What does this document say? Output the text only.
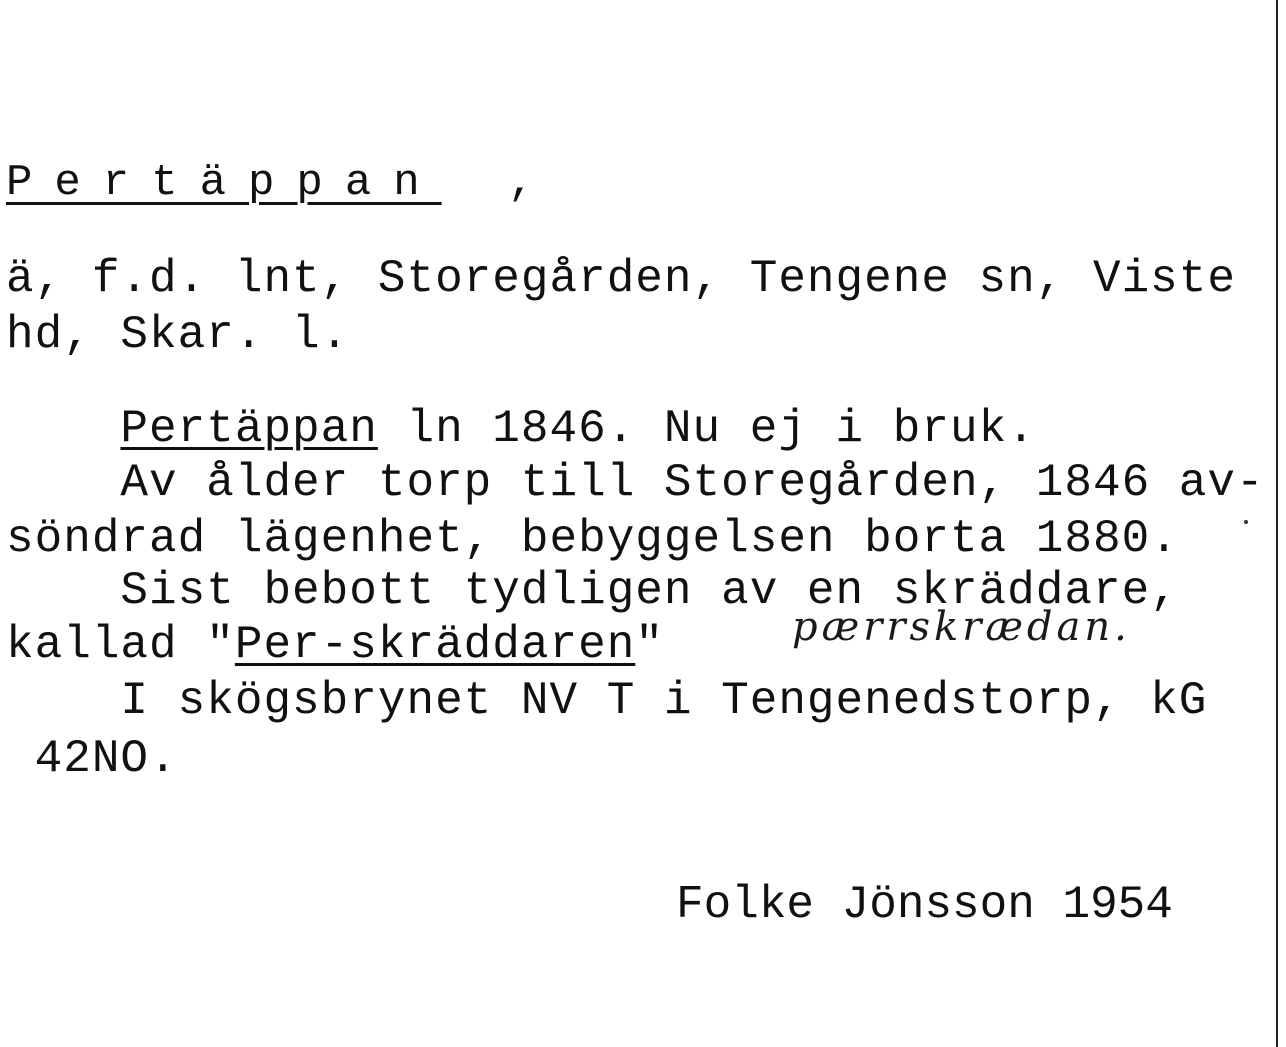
Pertäppan ,
ä, f.d. lnt, Storegården, Tengene sn, Viste
hd, Skar. l.
Pertäppan ln 1846. Nu ej i bruk.
Av ålder torp till Storegården, 1846 av-
söndrad lägenhet, bebyggelsen borta 1880.
Sist bebott tydligen av en skräddare,
kallad "Per-skräddaren"	pærrskrædan.
I skögsbrynet NV T i Tengenedstorp, kG
42NO.
Folke Jönsson 1954
